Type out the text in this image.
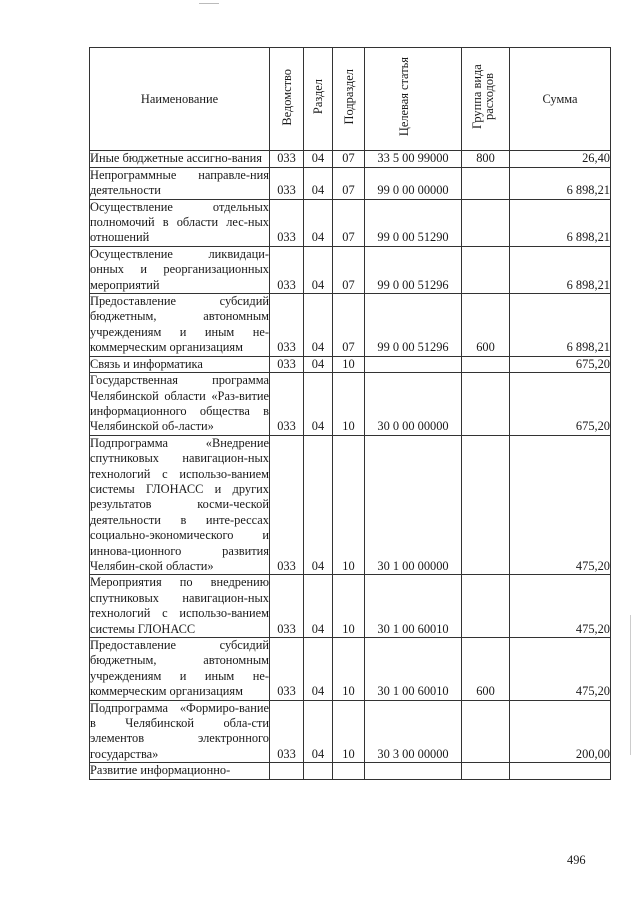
Наименование	Ведомство	Раздел	Подраздел	Целевая статья	Группа вида расходов	Сумма
Иные бюджетные ассигно-вания	033	04	07	33 5 00 99000	800	26,40
Непрограммные направле-ния деятельности	033	04	07	99 0 00 00000		6 898,21
Осуществление отдельных полномочий в области лес-ных отношений	033	04	07	99 0 00 51290		6 898,21
Осуществление ликвидаци-онных и реорганизационных мероприятий	033	04	07	99 0 00 51296		6 898,21
Предоставление субсидий бюджетным, автономным учреждениям и иным не-коммерческим организациям	033	04	07	99 0 00 51296	600	6 898,21
Связь и информатика	033	04	10			675,20
Государственная программа Челябинской области «Раз-витие информационного общества в Челябинской об-ласти»	033	04	10	30 0 00 00000		675,20
Подпрограмма «Внедрение спутниковых навигацион-ных технологий с использо-ванием системы ГЛОНАСС и других результатов косми-ческой деятельности в инте-рессах социально-экономического и иннова-ционного развития Челябин-ской области»	033	04	10	30 1 00 00000		475,20
Мероприятия по внедрению спутниковых навигацион-ных технологий с использо-ванием системы ГЛОНАСС	033	04	10	30 1 00 60010		475,20
Предоставление субсидий бюджетным, автономным учреждениям и иным не-коммерческим организациям	033	04	10	30 1 00 60010	600	475,20
Подпрограмма «Формиро-вание в Челябинской обла-сти элементов электронного государства»	033	04	10	30 3 00 00000		200,00
Развитие информационно-						
496
